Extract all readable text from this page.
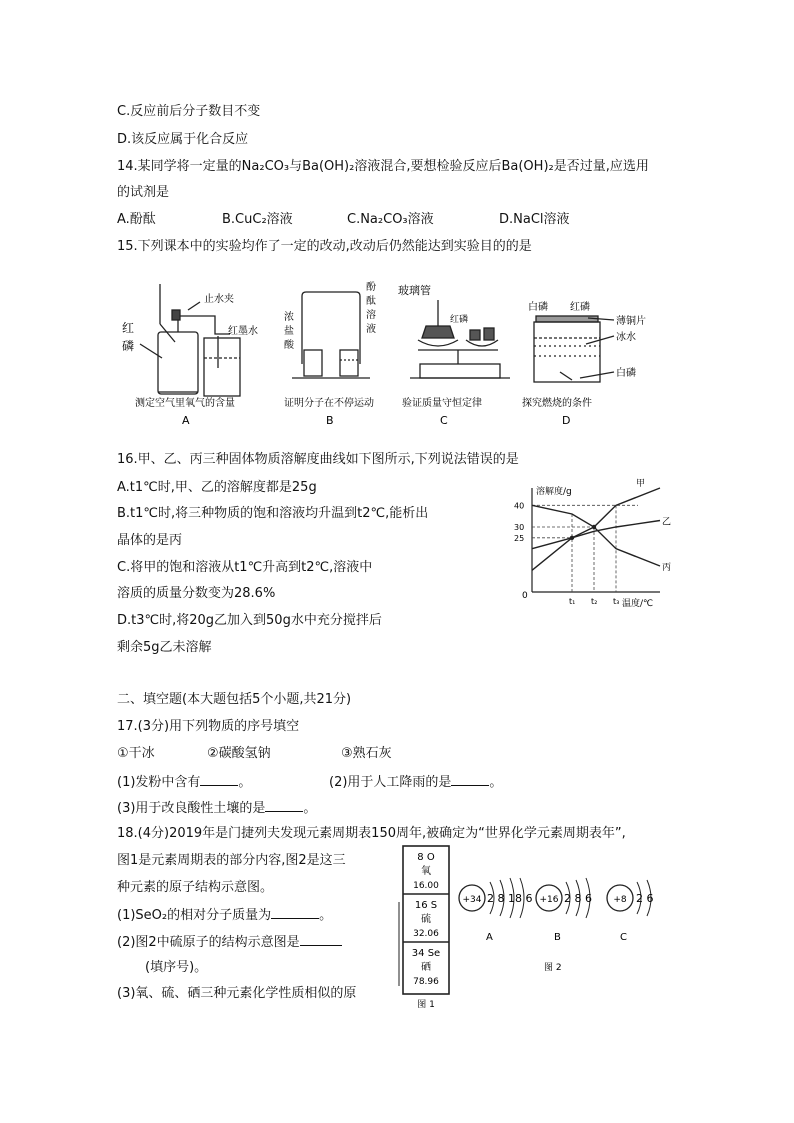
C.反应前后分子数目不变
D.该反应属于化合反应
14.某同学将一定量的Na₂CO₃与Ba(OH)₂溶液混合,要想检验反应后Ba(OH)₂是否过量,应选用
的试剂是
A.酚酞	B.CuC₂溶液	C.Na₂CO₃溶液	D.NaCl溶液
15.下列课本中的实验均作了一定的改动,改动后仍然能达到实验目的的是
止水夹
红
磷
红墨水
测定空气里氧气的含量
A
浓
盐
酸
酚
酞
溶
液
证明分子在不停运动
B
玻璃管
红磷
验证质量守恒定律
C
白磷 红磷
薄铜片
冰水
白磷
探究燃烧的条件
D
16.甲、乙、丙三种固体物质溶解度曲线如下图所示,下列说法错误的是
A.t1℃时,甲、乙的溶解度都是25g
B.t1℃时,将三种物质的饱和溶液均升温到t2℃,能析出
晶体的是丙
C.将甲的饱和溶液从t1℃升高到t2℃,溶液中
溶质的质量分数变为28.6%
D.t3℃时,将20g乙加入到50g水中充分搅拌后
剩余5g乙未溶解
溶解度/g
温度/℃
0
25
30
40
t₁ t₂ t₃
甲
乙
丙
二、填空题(本大题包括5个小题,共21分)
17.(3分)用下列物质的序号填空
①干冰	②碳酸氢钠	③熟石灰
(1)发粉中含有	。	(2)用于人工降雨的是	。
(3)用于改良酸性土壤的是	。
18.(4分)2019年是门捷列夫发现元素周期表150周年,被确定为“世界化学元素周期表年”,
图1是元素周期表的部分内容,图2是这三
种元素的原子结构示意图。
(1)SeO₂的相对分子质量为	。
(2)图2中硫原子的结构示意图是
(填序号)。
(3)氧、硫、硒三种元素化学性质相似的原
8 O
氧
16.00
16 S
硫
32.06
34 Se
硒
78.96
图 1
+34 2 8 18 6
A
+16 2 8 6
B
+8 2 6
C
图 2
